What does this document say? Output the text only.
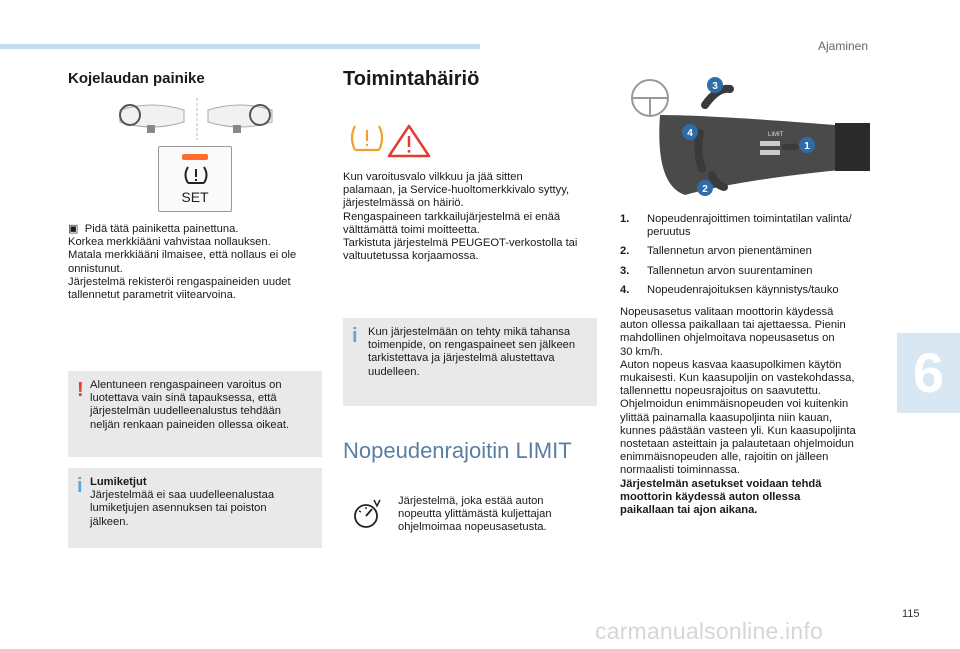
Ajaminen
6
Kojelaudan painike
SET
▣ Pidä tätä painiketta painettuna.
Korkea merkkiääni vahvistaa nollauksen.
Matala merkkiääni ilmaisee, että nollaus ei ole
onnistunut.
Järjestelmä rekisteröi rengaspaineiden uudet
tallennetut parametrit viitearvoina.
! Alentuneen rengaspaineen varoitus on
luotettava vain sinä tapauksessa, että
järjestelmän uudelleenalustus tehdään
neljän renkaan paineiden ollessa oikeat.
i Lumiketjut
Järjestelmää ei saa uudelleenalustaa
lumiketjujen asennuksen tai poiston
jälkeen.
Toimintahäiriö
Kun varoitusvalo vilkkuu ja jää sitten
palamaan, ja Service-huoltomerkkivalo syttyy,
järjestelmässä on häiriö.
Rengaspaineen tarkkailujärjestelmä ei enää
välttämättä toimi moitteetta.
Tarkistuta järjestelmä PEUGEOT-verkostolla tai
valtuutetussa korjaamossa.
i Kun järjestelmään on tehty mikä tahansa
toimenpide, on rengaspaineet sen jälkeen
tarkistettava ja järjestelmä alustettava
uudelleen.
Nopeudenrajoitin LIMIT
Järjestelmä, joka estää auton
nopeutta ylittämästä kuljettajan
ohjelmoimaa nopeusasetusta.
LIMIT
3
4
1
2
1. Nopeudenrajoittimen toimintatilan valinta/
peruutus
2. Tallennetun arvon pienentäminen
3. Tallennetun arvon suurentaminen
4. Nopeudenrajoituksen käynnistys/tauko
Nopeusasetus valitaan moottorin käydessä
auton ollessa paikallaan tai ajettaessa. Pienin
mahdollinen ohjelmoitava nopeusasetus on
30 km/h.
Auton nopeus kasvaa kaasupolkimen käytön
mukaisesti. Kun kaasupoljin on vastekohdassa,
tallennettu nopeusrajoitus on saavutettu.
Ohjelmoidun enimmäisnopeuden voi kuitenkin
ylittää painamalla kaasupoljinta niin kauan,
kunnes päästään vasteen yli. Kun kaasupoljinta
nostetaan asteittain ja palautetaan ohjelmoidun
enimmäisnopeuden alle, rajoitin on jälleen
normaalisti toiminnassa.
Järjestelmän asetukset voidaan tehdä
moottorin käydessä auton ollessa
paikallaan tai ajon aikana.
115
carmanualsonline.info
